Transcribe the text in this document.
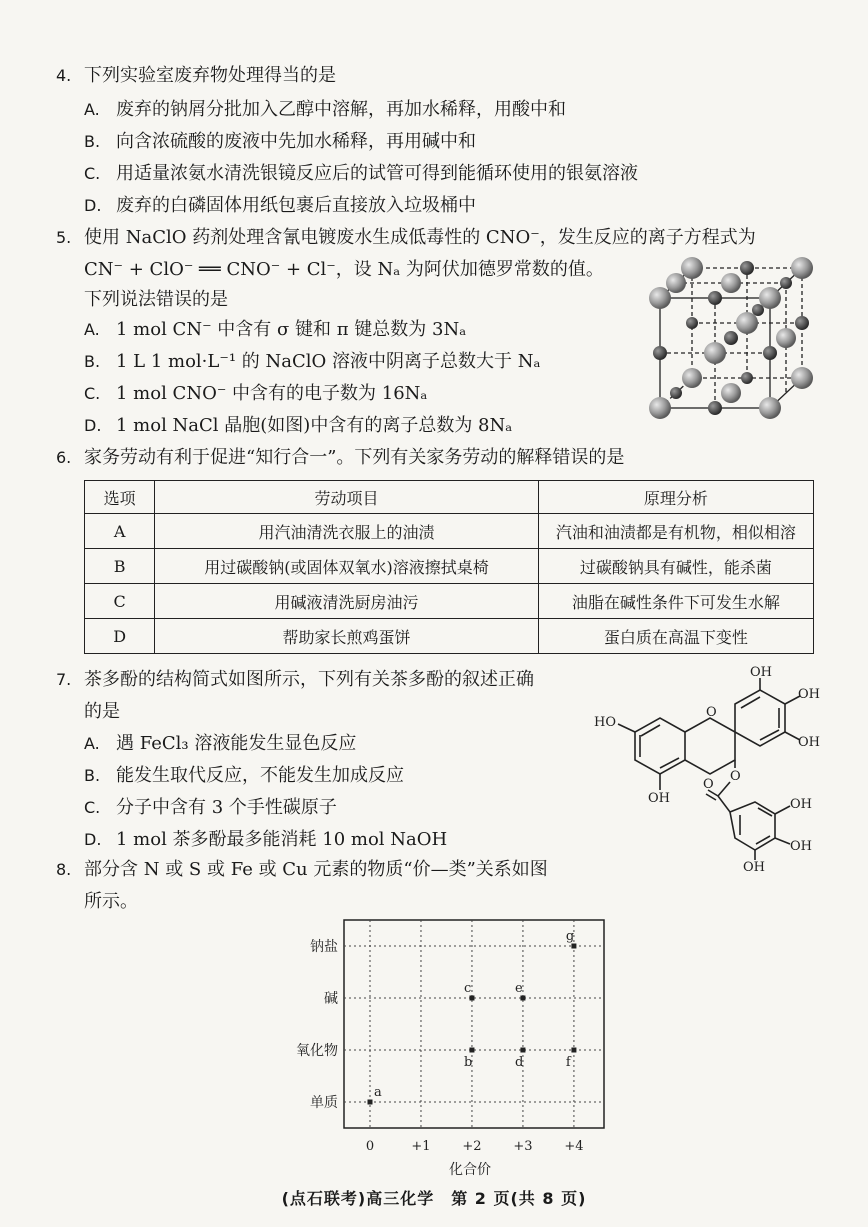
4. 下列实验室废弃物处理得当的是
A. 废弃的钠屑分批加入乙醇中溶解，再加水稀释，用酸中和
B. 向含浓硫酸的废液中先加水稀释，再用碱中和
C. 用适量浓氨水清洗银镜反应后的试管可得到能循环使用的银氨溶液
D. 废弃的白磷固体用纸包裹后直接放入垃圾桶中
5. 使用 NaClO 药剂处理含氰电镀废水生成低毒性的 CNO⁻，发生反应的离子方程式为
CN⁻ + ClO⁻ ══ CNO⁻ + Cl⁻，设 Nₐ 为阿伏加德罗常数的值。
下列说法错误的是
A. 1 mol CN⁻ 中含有 σ 键和 π 键总数为 3Nₐ
B. 1 L 1 mol·L⁻¹ 的 NaClO 溶液中阴离子总数大于 Nₐ
C. 1 mol CNO⁻ 中含有的电子数为 16Nₐ
D. 1 mol NaCl 晶胞(如图)中含有的离子总数为 8Nₐ
6. 家务劳动有利于促进“知行合一”。下列有关家务劳动的解释错误的是
选项	劳动项目	原理分析
A	用汽油清洗衣服上的油渍	汽油和油渍都是有机物，相似相溶
B	用过碳酸钠(或固体双氧水)溶液擦拭桌椅	过碳酸钠具有碱性，能杀菌
C	用碱液清洗厨房油污	油脂在碱性条件下可发生水解
D	帮助家长煎鸡蛋饼	蛋白质在高温下变性
7. 茶多酚的结构简式如图所示，下列有关茶多酚的叙述正确
的是
A. 遇 FeCl₃ 溶液能发生显色反应
B. 能发生取代反应，不能发生加成反应
C. 分子中含有 3 个手性碳原子
D. 1 mol 茶多酚最多能消耗 10 mol NaOH
O
O
O
OH
OH
OH
HO
OH	OH
OH
OH
8. 部分含 N 或 S 或 Fe 或 Cu 元素的物质“价—类”关系如图
所示。
0	+1 +2 +3 +4
单质
氧化物
碱
钠盐
化合价
a
b
c
d
e
f
g
(点石联考)高三化学　第 2 页(共 8 页)
